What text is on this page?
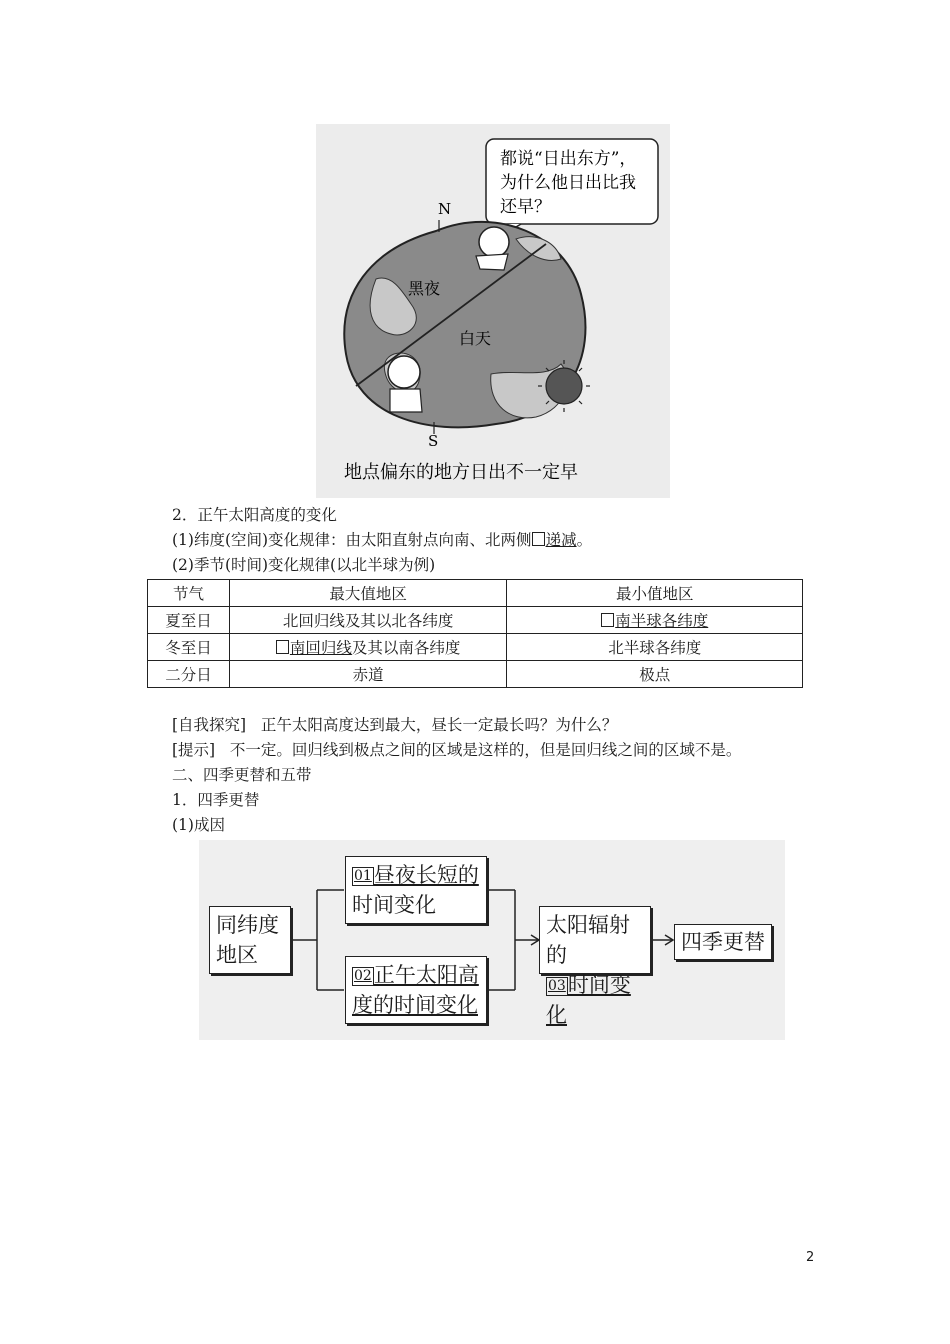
都说“日出东方”，
为什么他日出比我
还早？
N
S
黑夜
白天
地点偏东的地方日出不一定早
2．正午太阳高度的变化
(1)纬度(空间)变化规律：由太阳直射点向南、北两侧 递减。
(2)季节(时间)变化规律(以北半球为例)
节气	最大值地区	最小值地区
夏至日	北回归线及其以北各纬度	南半球各纬度
冬至日	南回归线及其以南各纬度	北半球各纬度
二分日	赤道	极点
[自我探究] 正午太阳高度达到最大，昼长一定最长吗？为什么？
[提示] 不一定。回归线到极点之间的区域是这样的，但是回归线之间的区域不是。
二、四季更替和五带
1．四季更替
(1)成因
同纬度
地区
01昼夜长短的
时间变化
02正午太阳高
度的时间变化
太阳辐射的
03时间变化
四季更替
2
